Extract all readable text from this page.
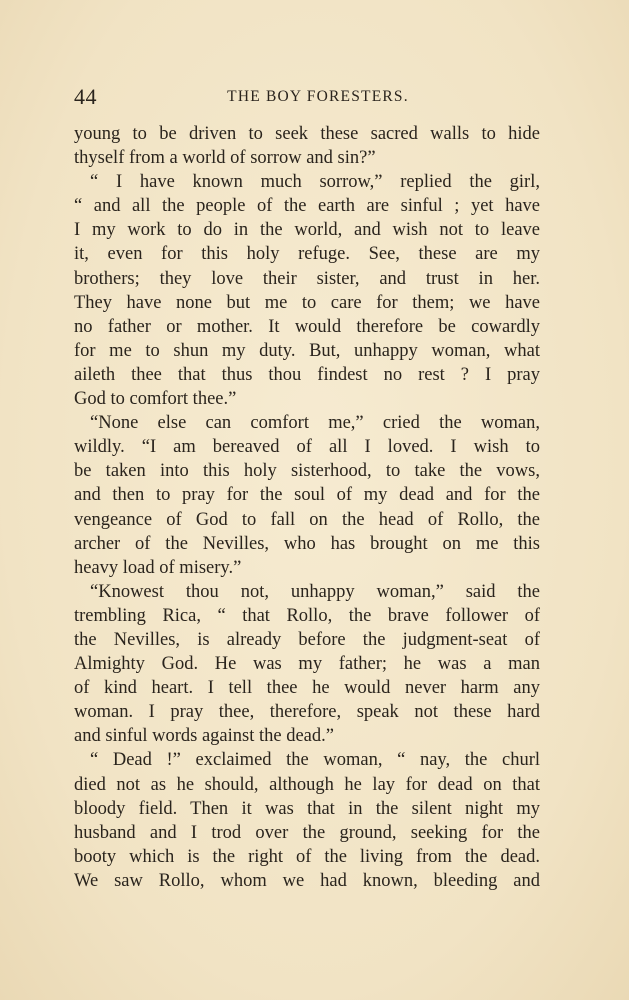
44	THE BOY FORESTERS.
young to be driven to seek these sacred walls to hide
thyself from a world of sorrow and sin?”
“ I have known much sorrow,” replied the girl,
“ and all the people of the earth are sinful ; yet have
I my work to do in the world, and wish not to leave
it, even for this holy refuge. See, these are my
brothers; they love their sister, and trust in her.
They have none but me to care for them; we have
no father or mother. It would therefore be cowardly
for me to shun my duty. But, unhappy woman, what
aileth thee that thus thou findest no rest ? I pray
God to comfort thee.”
“None else can comfort me,” cried the woman,
wildly. “I am bereaved of all I loved. I wish to
be taken into this holy sisterhood, to take the vows,
and then to pray for the soul of my dead and for the
vengeance of God to fall on the head of Rollo, the
archer of the Nevilles, who has brought on me this
heavy load of misery.”
“Knowest thou not, unhappy woman,” said the
trembling Rica, “ that Rollo, the brave follower of
the Nevilles, is already before the judgment-seat of
Almighty God. He was my father; he was a man
of kind heart. I tell thee he would never harm any
woman. I pray thee, therefore, speak not these hard
and sinful words against the dead.”
“ Dead !” exclaimed the woman, “ nay, the churl
died not as he should, although he lay for dead on that
bloody field. Then it was that in the silent night my
husband and I trod over the ground, seeking for the
booty which is the right of the living from the dead.
We saw Rollo, whom we had known, bleeding and
